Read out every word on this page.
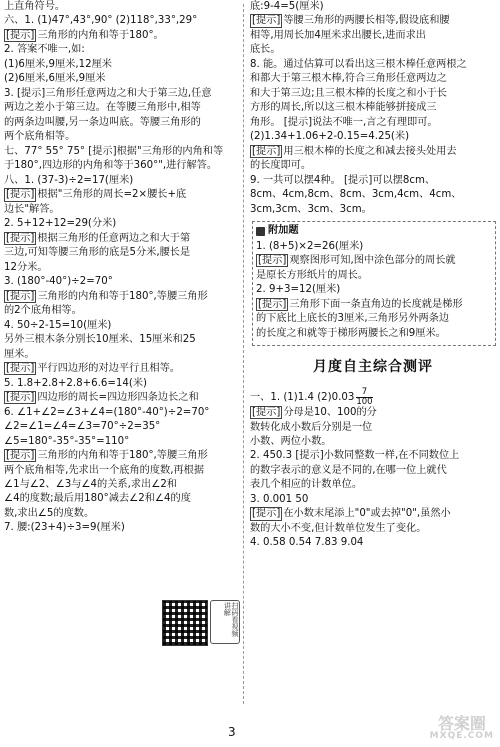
上直角符号。
六、1. (1)47°,43°,90° (2)118°,33°,29°
[提示] 三角形的内角和等于180°。
2. 答案不唯一,如:
(1)6厘米,9厘米,12厘米
(2)6厘米,6厘米,9厘米
3. [提示]三角形任意两边之和大于第三边,任意
两边之差小于第三边。在等腰三角形中,相等
的两条边叫腰,另一条边叫底。等腰三角形的
两个底角相等。
七、77° 55° 75° [提示]根据"三角形的内角和等
于180°,四边形的内角和等于360°",进行解答。
八、1. (37-3)÷2=17(厘米)
[提示] 根据"三角形的周长=2×腰长+底
边长"解答。
2. 5+12+12=29(分米)
[提示] 根据三角形的任意两边之和大于第
三边,可知等腰三角形的底是5分米,腰长是
12分米。
3. (180°-40°)÷2=70°
[提示] 三角形的内角和等于180°,等腰三角形
的2个底角相等。
4. 50÷2-15=10(厘米)
另外三根木条分别长10厘米、15厘米和25
厘米。
[提示] 平行四边形的对边平行且相等。
5. 1.8+2.8+2.8+6.6=14(米)
[提示] 四边形的周长=四边形四条边长之和
6. ∠1+∠2=∠3+∠4=(180°-40°)÷2=70°
∠2=∠1=∠4=∠3=70°÷2=35°
∠5=180°-35°-35°=110°
[提示] 三角形的内角和等于180°,等腰三角形
两个底角相等,先求出一个底角的度数,再根据
∠1与∠2、∠3与∠4的关系,求出∠2和
∠4的度数;最后用180°减去∠2和∠4的度
数,求出∠5的度数。
7. 腰:(23+4)÷3=9(厘米)
底:9-4=5(厘米)
[提示] 等腰三角形的两腰长相等,假设底和腰
相等,用周长加4厘米求出腰长,进而求出
底长。
8. 能。通过估算可以看出这三根木棒任意两根之
和都大于第三根木棒,符合三角形任意两边之
和大于第三边;且三根木棒的长度之和小于长
方形的周长,所以这三根木棒能够拼接成三
角形。 [提示]说法不唯一,言之有理即可。
(2)1.34+1.06+2-0.15=4.25(米)
[提示] 用三根木棒的长度之和减去接头处用去
的长度即可。
9. 一共可以摆4种。 [提示]可以摆8cm、
8cm、4cm,8cm、8cm、3cm,4cm、4cm、
3cm,3cm、3cm、3cm。
附加题
1. (8+5)×2=26(厘米)
[提示] 观察图形可知,图中涂色部分的周长就
是原长方形纸片的周长。
2. 9+3=12(厘米)
[提示] 三角形下面一条直角边的长度就是梯形
的下底比上底长的3厘米,三角形另外两条边
的长度之和就等于梯形两腰长之和9厘米。
月度自主综合测评
一、1. (1)1.4 $(2)0.03 \frac{7}{100}$
[提示] 分母是10、100的分
数转化成小数后分别是一位
小数、两位小数。
2. 450.3 [提示]小数同整数一样,在不同数位上
的数字表示的意义是不同的,在哪一位上就代
表几个相应的计数单位。
3. 0.001 50
[提示] 在小数末尾添上"0"或去掉"0",虽然小
数的大小不变,但计数单位发生了变化。
4. 0.58 0.54 7.83 9.04
扫码看视频讲解
3	答案圈
MXQE.COM
